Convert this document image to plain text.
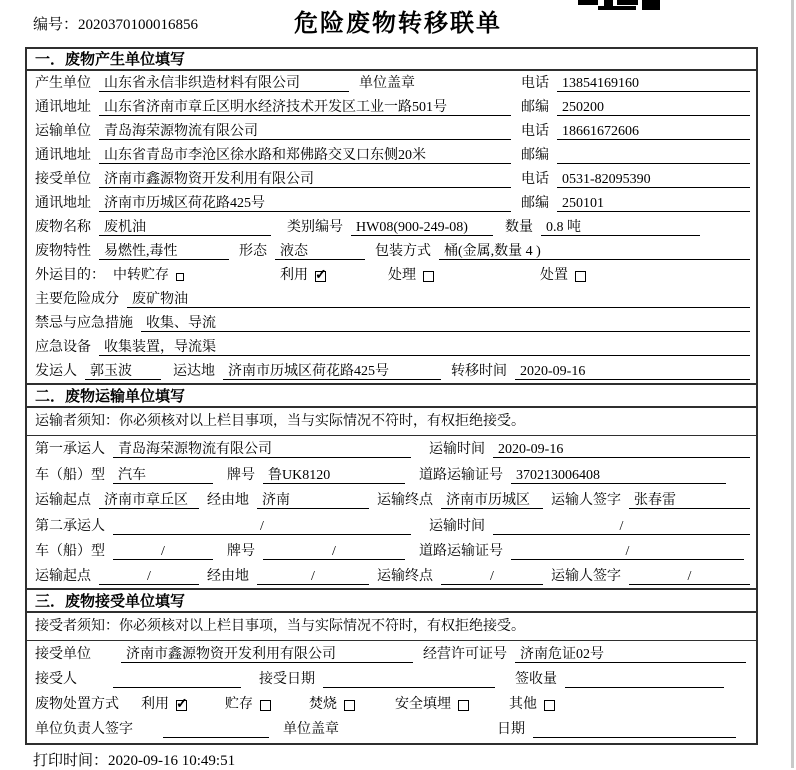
编号：2020370100016856	危险废物转移联单
一．废物产生单位填写
产生单位 山东省永信非织造材料有限公司	单位盖章	电话 13854169160
通讯地址 山东省济南市章丘区明水经济技术开发区工业一路501号	邮编 250200
运输单位 青岛海荣源物流有限公司	电话 18661672606
通讯地址 山东省青岛市李沧区徐水路和郑佛路交叉口东侧20米	邮编
接受单位 济南市鑫源物资开发利用有限公司	电话 0531-82095390
通讯地址 济南市历城区荷花路425号	邮编 250101
废物名称 废机油	类别编号 HW08(900-249-08)	数量 0.8 吨
废物特性 易燃性,毒性	形态 液态	包装方式 桶(金属,数量 4 )
外运目的： 中转贮存	利用 ✓	处理	处置
主要危险成分 废矿物油
禁忌与应急措施 收集、导流
应急设备 收集装置，导流渠
发运人 郭玉波	运达地 济南市历城区荷花路425号	转移时间 2020-09-16
二．废物运输单位填写
运输者须知：你必须核对以上栏目事项，当与实际情况不符时，有权拒绝接受。
第一承运人 青岛海荣源物流有限公司	运输时间 2020-09-16
车（船）型 汽车	牌号 鲁UK8120	道路运输证号 370213006408
运输起点 济南市章丘区	经由地 济南	运输终点 济南市历城区	运输人签字 张春雷
第二承运人	/	运输时间	/
车（船）型	/	牌号	/	道路运输证号	/
运输起点	/	经由地	/	运输终点	/	运输人签字	/
三．废物接受单位填写
接受者须知：你必须核对以上栏目事项，当与实际情况不符时，有权拒绝接受。
接受单位	济南市鑫源物资开发利用有限公司	经营许可证号 济南危证02号
接受人	接受日期	签收量
废物处置方式 利用 ✓	贮存	焚烧	安全填埋	其他
单位负责人签字	单位盖章	日期
打印时间：2020-09-16 10:49:51
